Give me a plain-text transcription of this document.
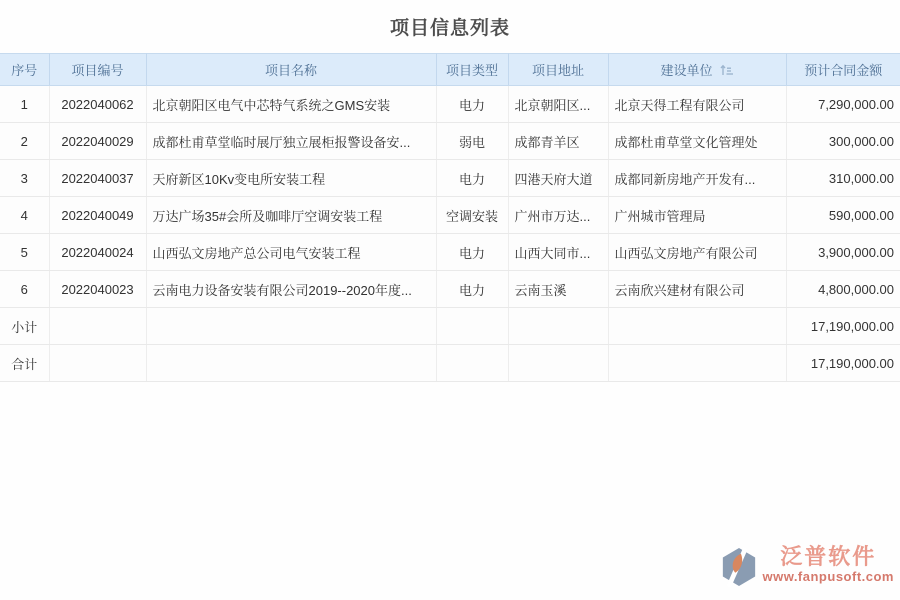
项目信息列表
序号	项目编号	项目名称	项目类型	项目地址	建设单位	预计合同金额
1	2022040062	北京朝阳区电气中芯特气系统之GMS安装	电力	北京朝阳区...	北京天得工程有限公司	7,290,000.00
2	2022040029	成都杜甫草堂临时展厅独立展柜报警设备安...	弱电	成都青羊区	成都杜甫草堂文化管理处	300,000.00
3	2022040037	天府新区10Kv变电所安装工程	电力	四港天府大道	成都同新房地产开发有...	310,000.00
4	2022040049	万达广场35#会所及咖啡厅空调安装工程	空调安装	广州市万达...	广州城市管理局	590,000.00
5	2022040024	山西弘文房地产总公司电气安装工程	电力	山西大同市...	山西弘文房地产有限公司	3,900,000.00
6	2022040023	云南电力设备安装有限公司2019--2020年度...	电力	云南玉溪	云南欣兴建材有限公司	4,800,000.00
小计						17,190,000.00
合计						17,190,000.00
泛普软件
www.fanpusoft.com
